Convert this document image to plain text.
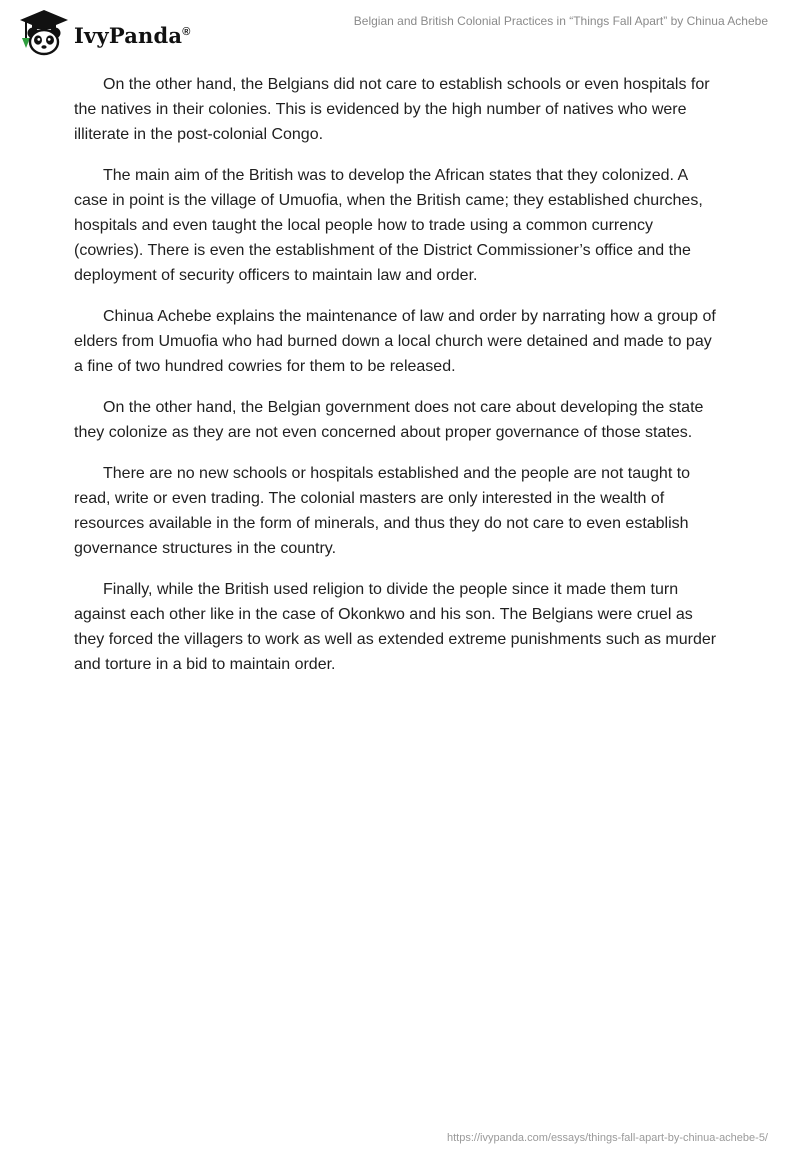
IvyPanda®
Belgian and British Colonial Practices in “Things Fall Apart” by Chinua Achebe

On the other hand, the Belgians did not care to establish schools or even hospitals for the natives in their colonies. This is evidenced by the high number of natives who were illiterate in the post-colonial Congo.

The main aim of the British was to develop the African states that they colonized. A case in point is the village of Umuofia, when the British came; they established churches, hospitals and even taught the local people how to trade using a common currency (cowries). There is even the establishment of the District Commissioner’s office and the deployment of security officers to maintain law and order.

Chinua Achebe explains the maintenance of law and order by narrating how a group of elders from Umuofia who had burned down a local church were detained and made to pay a fine of two hundred cowries for them to be released.

On the other hand, the Belgian government does not care about developing the state they colonize as they are not even concerned about proper governance of those states.

There are no new schools or hospitals established and the people are not taught to read, write or even trading. The colonial masters are only interested in the wealth of resources available in the form of minerals, and thus they do not care to even establish governance structures in the country.

Finally, while the British used religion to divide the people since it made them turn against each other like in the case of Okonkwo and his son. The Belgians were cruel as they forced the villagers to work as well as extended extreme punishments such as murder and torture in a bid to maintain order.

https://ivypanda.com/essays/things-fall-apart-by-chinua-achebe-5/
